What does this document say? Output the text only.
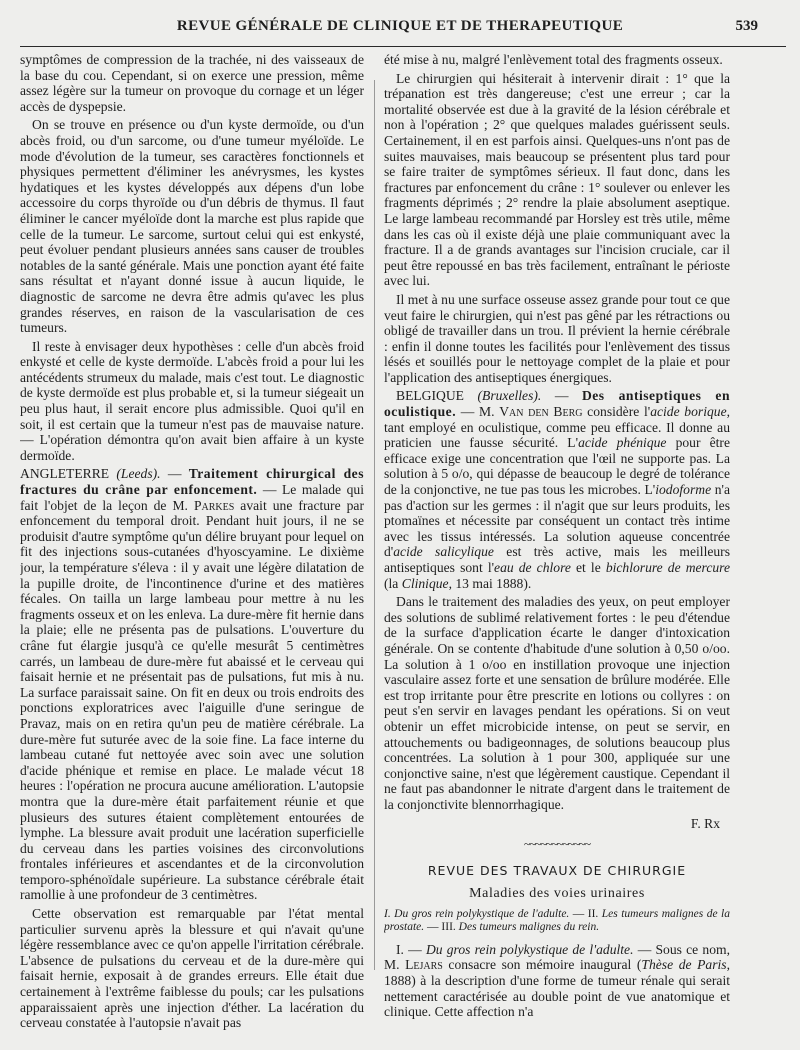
REVUE GÉNÉRALE DE CLINIQUE ET DE THERAPEUTIQUE	539

symptômes de compression de la trachée, ni des vaisseaux de la base du cou. Cependant, si on exerce une pression, même assez légère sur la tumeur on provoque du cornage et un léger accès de dyspepsie.

On se trouve en présence ou d'un kyste dermoïde, ou d'un abcès froid, ou d'un sarcome, ou d'une tumeur myéloïde. Le mode d'évolution de la tumeur, ses caractères fonctionnels et physiques permettent d'éliminer les anévrysmes, les kystes hydatiques et les kystes développés aux dépens d'un lobe accessoire du corps thyroïde ou d'un débris de thymus. Il faut éliminer le cancer myéloïde dont la marche est plus rapide que celle de la tumeur. Le sarcome, surtout celui qui est enkysté, peut évoluer pendant plusieurs années sans causer de troubles notables de la santé générale. Mais une ponction ayant été faite sans résultat et n'ayant donné issue à aucun liquide, le diagnostic de sarcome ne devra être admis qu'avec les plus grandes réserves, en raison de la vascularisation de ces tumeurs.

Il reste à envisager deux hypothèses : celle d'un abcès froid enkysté et celle de kyste dermoïde. L'abcès froid a pour lui les antécédents strumeux du malade, mais c'est tout. Le diagnostic de kyste dermoïde est plus probable et, si la tumeur siégeait un peu plus haut, il serait encore plus admissible. Quoi qu'il en soit, il est certain que la tumeur n'est pas de mauvaise nature. — L'opération démontra qu'on avait bien affaire à un kyste dermoïde.

ANGLETERRE (Leeds). — Traitement chirurgical des fractures du crâne par enfoncement. — Le malade qui fait l'objet de la leçon de M. Parkes avait une fracture par enfoncement du temporal droit. Pendant huit jours, il ne se produisit d'autre symptôme qu'un délire bruyant pour lequel on fit des injections sous-cutanées d'hyoscyamine. Le dixième jour, la température s'éleva : il y avait une légère dilatation de la pupille droite, de l'incontinence d'urine et des matières fécales. On tailla un large lambeau pour mettre à nu les fragments osseux et on les enleva. La dure-mère fit hernie dans la plaie; elle ne présenta pas de pulsations. L'ouverture du crâne fut élargie jusqu'à ce qu'elle mesurât 5 centimètres carrés, un lambeau de dure-mère fut abaissé et le cerveau qui faisait hernie et ne présentait pas de pulsations, fut mis à nu. La surface paraissait saine. On fit en deux ou trois endroits des ponctions exploratrices avec l'aiguille d'une seringue de Pravaz, mais on en retira qu'un peu de matière cérébrale. La dure-mère fut suturée avec de la soie fine. La face interne du lambeau cutané fut nettoyée avec soin avec une solution d'acide phénique et remise en place. Le malade vécut 18 heures : l'opération ne procura aucune amélioration. L'autopsie montra que la dure-mère était parfaitement réunie et que plusieurs des sutures étaient complètement entourées de lymphe. La blessure avait produit une lacération superficielle du cerveau dans les parties voisines des circonvolutions frontales inférieures et ascendantes et de la circonvolution temporo-sphénoïdale supérieure. La substance cérébrale était ramollie à une profondeur de 3 centimètres.

Cette observation est remarquable par l'état mental particulier survenu après la blessure et qui n'avait qu'une légère ressemblance avec ce qu'on appelle l'irritation cérébrale. L'absence de pulsations du cerveau et de la dure-mère qui faisait hernie, exposait à de grandes erreurs. Elle était due certainement à l'extrême faiblesse du pouls; car les pulsations apparaissaient après une injection d'éther. La lacération du cerveau constatée à l'autopsie n'avait pas

été mise à nu, malgré l'enlèvement total des fragments osseux.

Le chirurgien qui hésiterait à intervenir dirait : 1° que la trépanation est très dangereuse; c'est une erreur ; car la mortalité observée est due à la gravité de la lésion cérébrale et non à l'opération ; 2° que quelques malades guérissent seuls. Certainement, il en est parfois ainsi. Quelques-uns n'ont pas de suites mauvaises, mais beaucoup se présentent plus tard pour se faire traiter de symptômes sérieux. Il faut donc, dans les fractures par enfoncement du crâne : 1° soulever ou enlever les fragments déprimés ; 2° rendre la plaie absolument aseptique. Le large lambeau recommandé par Horsley est très utile, même dans les cas où il existe déjà une plaie communiquant avec la fracture. Il a de grands avantages sur l'incision cruciale, car il peut être repoussé en bas très facilement, entraînant le périoste avec lui.

Il met à nu une surface osseuse assez grande pour tout ce que veut faire le chirurgien, qui n'est pas gêné par les rétractions ou obligé de travailler dans un trou. Il prévient la hernie cérébrale : enfin il donne toutes les facilités pour l'enlèvement des tissus lésés et souillés pour le nettoyage complet de la plaie et pour l'application des antiseptiques énergiques.

BELGIQUE (Bruxelles). — Des antiseptiques en oculistique. — M. Van den Berg considère l'acide borique, tant employé en oculistique, comme peu efficace. Il donne au praticien une fausse sécurité. L'acide phénique pour être efficace exige une concentration que l'œil ne supporte pas. La solution à 5 o/o, qui dépasse de beaucoup le degré de tolérance de la conjonctive, ne tue pas tous les microbes. L'iodoforme n'a pas d'action sur les germes : il n'agit que sur leurs produits, les ptomaïnes et nécessite par conséquent un contact très intime avec les tissus intéressés. La solution aqueuse concentrée d'acide salicylique est très active, mais les meilleurs antiseptiques sont l'eau de chlore et le bichlorure de mercure (la Clinique, 13 mai 1888).

Dans le traitement des maladies des yeux, on peut employer des solutions de sublimé relativement fortes : le peu d'étendue de la surface d'application écarte le danger d'intoxication générale. On se contente d'habitude d'une solution à 0,50 o/oo. La solution à 1 o/oo en instillation provoque une injection vasculaire assez forte et une sensation de brûlure modérée. Elle est trop irritante pour être prescrite en lotions ou collyres : on peut s'en servir en lavages pendant les opérations. Si on veut obtenir un effet microbicide intense, on peut se servir, en attouchements ou badigeonnages, de solutions beaucoup plus concentrées. La solution à 1 pour 300, appliquée sur une conjonctive saine, n'est que légèrement caustique. Cependant il ne faut pas abandonner le nitrate d'argent dans le traitement de la conjonctivite blennorrhagique.

F. Rx
~~~~~~~~~~~~
REVUE DES TRAVAUX DE CHIRURGIE
Maladies des voies urinaires

I. Du gros rein polykystique de l'adulte. — II. Les tumeurs malignes de la prostate. — III. Des tumeurs malignes du rein.

I. — Du gros rein polykystique de l'adulte. — Sous ce nom, M. Lejars consacre son mémoire inaugural (Thèse de Paris, 1888) à la description d'une forme de tumeur rénale qui serait nettement caractérisée au double point de vue anatomique et clinique. Cette affection n'a
